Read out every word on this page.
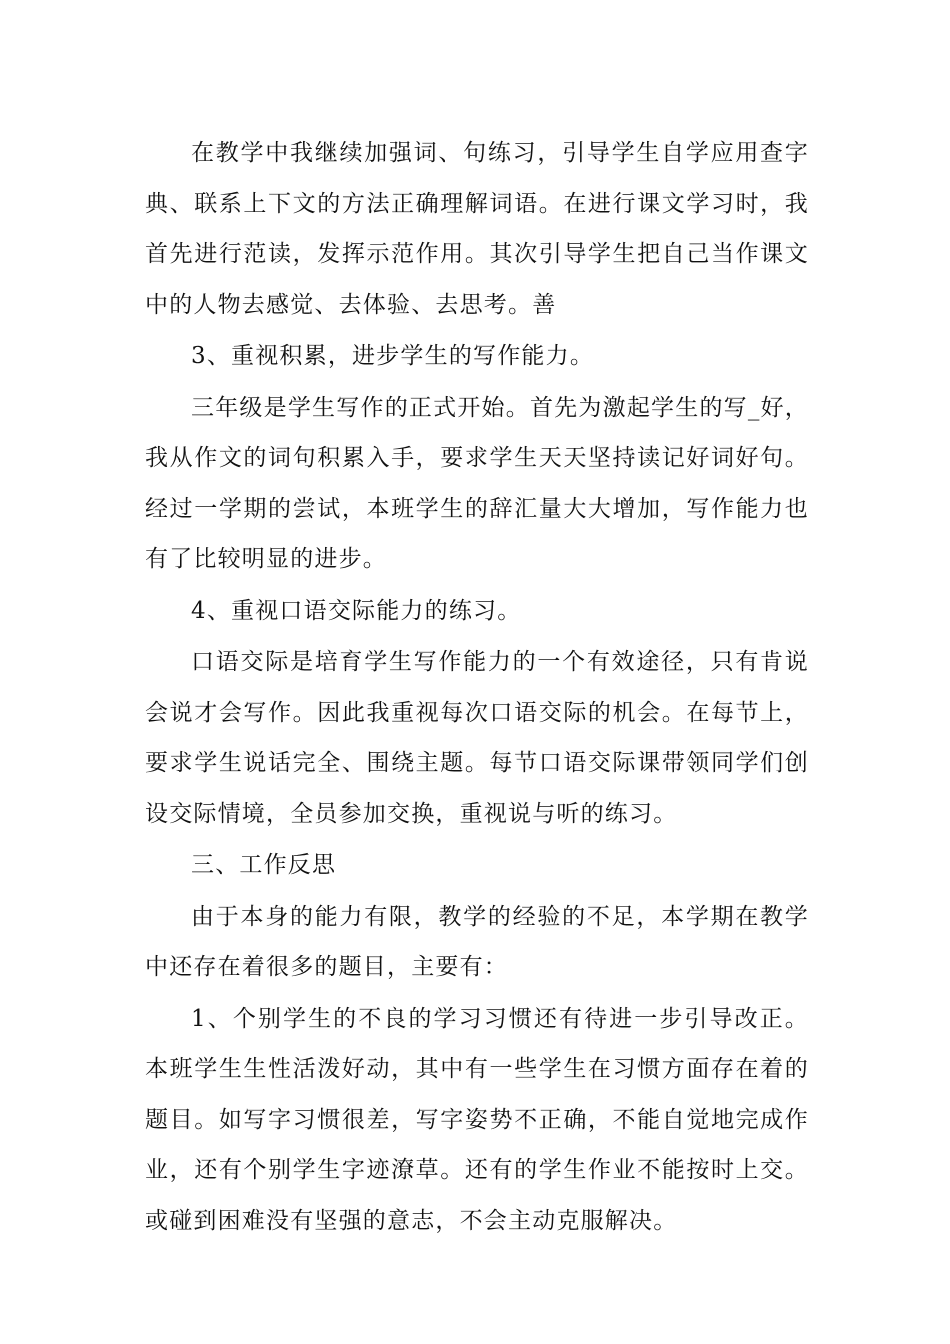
在教学中我继续加强词、句练习，引导学生自学应用查字典、联系上下文的方法正确理解词语。在进行课文学习时，我首先进行范读，发挥示范作用。其次引导学生把自己当作课文中的人物去感觉、去体验、去思考。善

3、重视积累，进步学生的写作能力。

三年级是学生写作的正式开始。首先为激起学生的写_好，我从作文的词句积累入手，要求学生天天坚持读记好词好句。经过一学期的尝试，本班学生的辞汇量大大增加，写作能力也有了比较明显的进步。

4、重视口语交际能力的练习。

口语交际是培育学生写作能力的一个有效途径，只有肯说会说才会写作。因此我重视每次口语交际的机会。在每节上，要求学生说话完全、围绕主题。每节口语交际课带领同学们创设交际情境，全员参加交换，重视说与听的练习。

三、工作反思

由于本身的能力有限，教学的经验的不足，本学期在教学中还存在着很多的题目，主要有：

1、个别学生的不良的学习习惯还有待进一步引导改正。本班学生生性活泼好动，其中有一些学生在习惯方面存在着的题目。如写字习惯很差，写字姿势不正确，不能自觉地完成作业，还有个别学生字迹潦草。还有的学生作业不能按时上交。或碰到困难没有坚强的意志，不会主动克服解决。
